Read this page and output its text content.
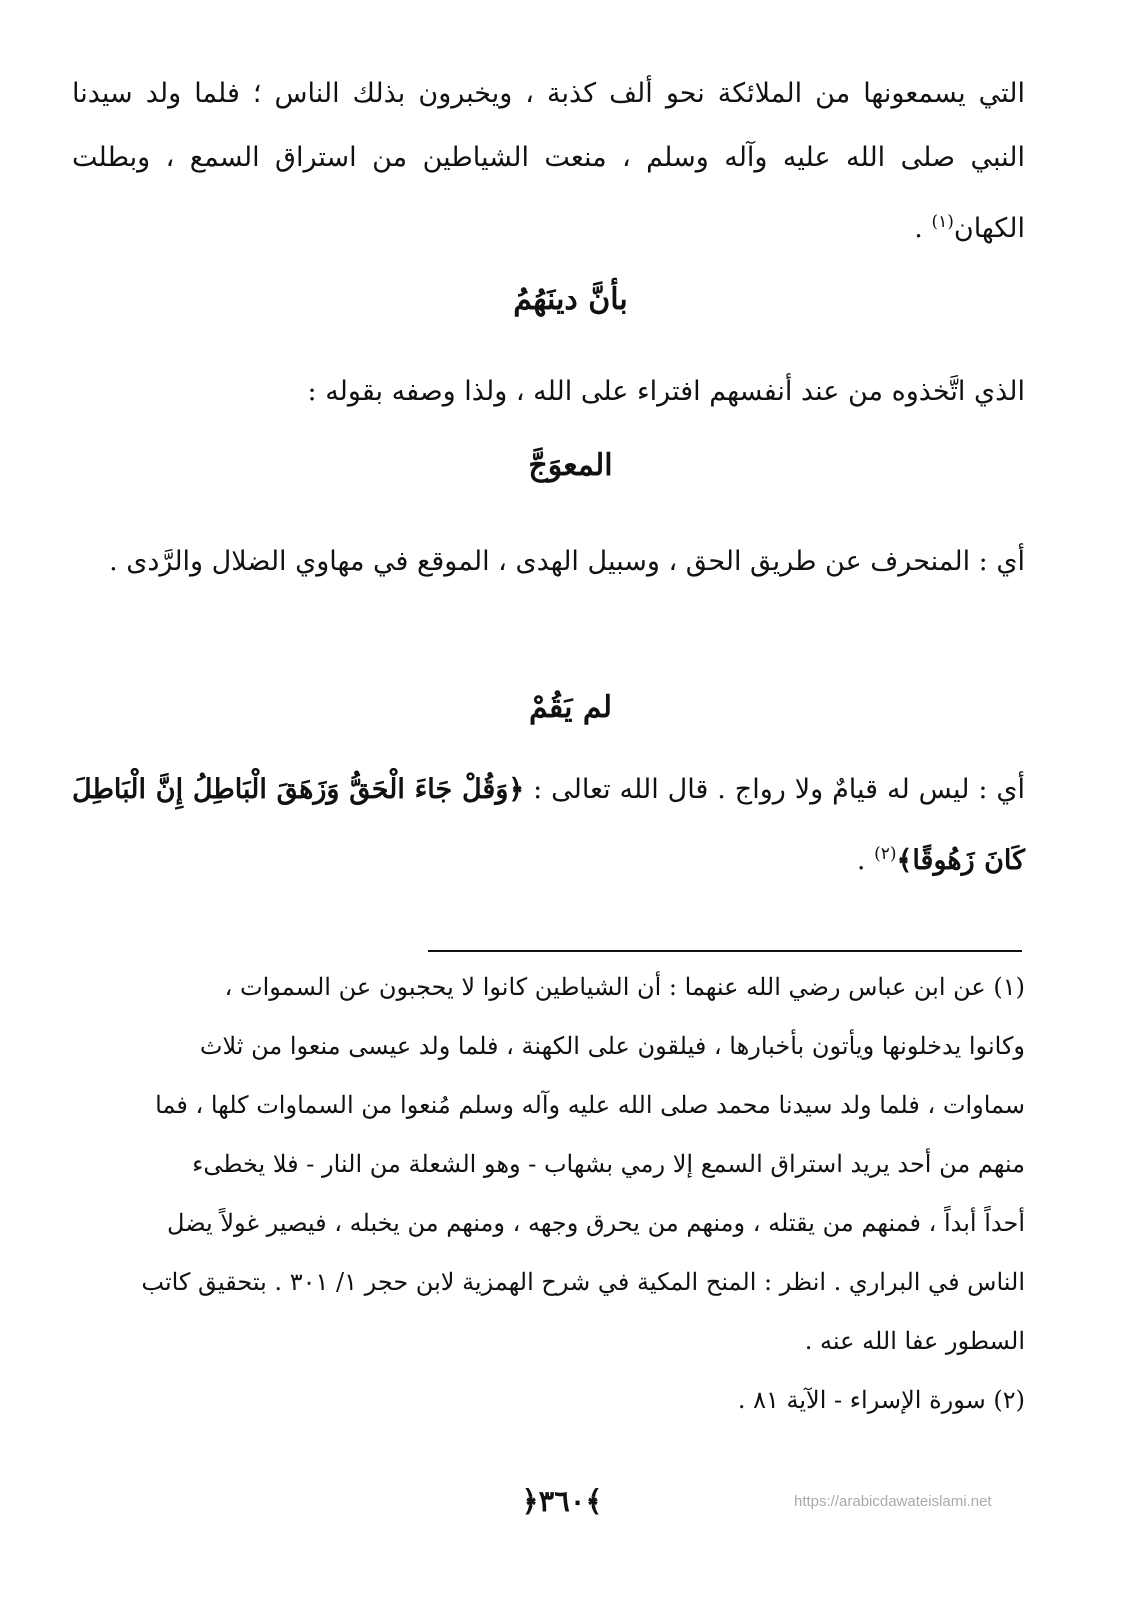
التي يسمعونها من الملائكة نحو ألف كذبة ، ويخبرون بذلك الناس ؛ فلما ولد سيدنا النبي صلى الله عليه وآله وسلم ، منعت الشياطين من استراق السمع ، وبطلت الكهان$^{(١)}$ .
بأنَّ دينَهُمُ
الذي اتَّخذوه من عند أنفسهم افتراء على الله ، ولذا وصفه بقوله :
المعوَجَّ
أي : المنحرف عن طريق الحق ، وسبيل الهدى ، الموقع في مهاوي الضلال والرَّدى .
لم يَقُمْ
أي : ليس له قيامٌ ولا رواج . قال الله تعالى : ﴿وَقُلْ جَاءَ الْحَقُّ وَزَهَقَ الْبَاطِلُ إِنَّ الْبَاطِلَ كَانَ زَهُوقًا﴾$^{(٢)}$ .
(١) عن ابن عباس رضي الله عنهما : أن الشياطين كانوا لا يحجبون عن السموات ،
وكانوا يدخلونها ويأتون بأخبارها ، فيلقون على الكهنة ، فلما ولد عيسى منعوا من ثلاث
سماوات ، فلما ولد سيدنا محمد صلى الله عليه وآله وسلم مُنعوا من السماوات كلها ، فما
منهم من أحد يريد استراق السمع إلا رمي بشهاب - وهو الشعلة من النار - فلا يخطىء
أحداً أبداً ، فمنهم من يقتله ، ومنهم من يحرق وجهه ، ومنهم من يخبله ، فيصير غولاً يضل
الناس في البراري . انظر : المنح المكية في شرح الهمزية لابن حجر ١/ ٣٠١ . بتحقيق كاتب
السطور عفا الله عنه .
(٢) سورة الإسراء - الآية ٨١ .
﴿٣٦٠﴾	https://arabicdawateislami.net
